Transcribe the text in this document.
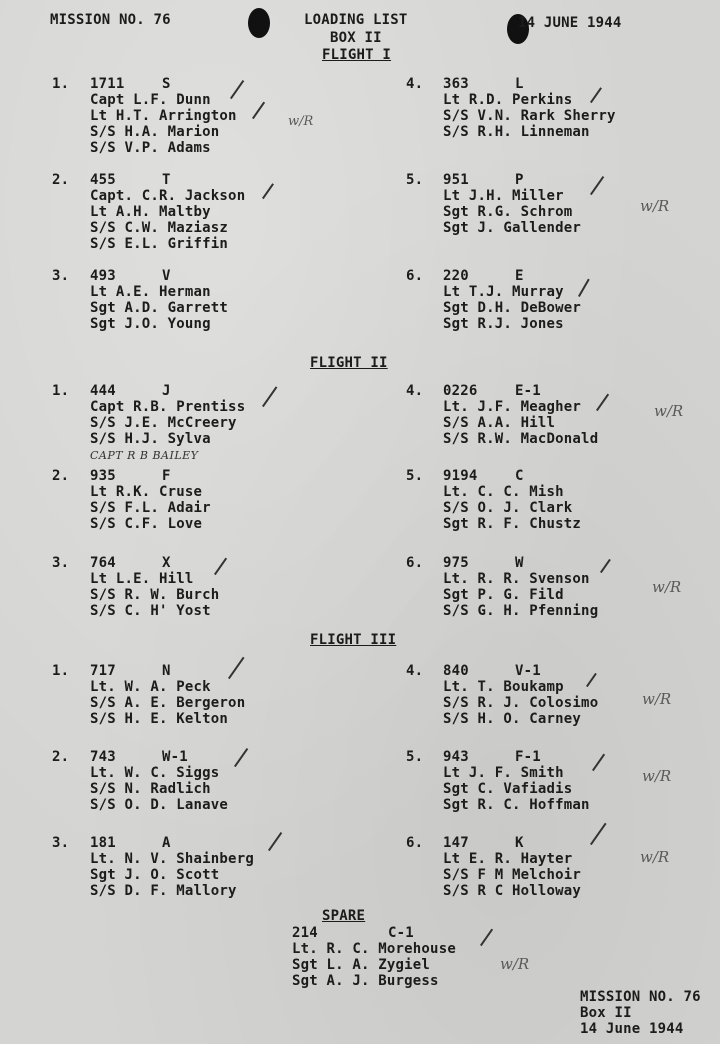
MISSION NO. 76	LOADING LIST
BOX II
14 JUNE 1944
FLIGHT I
FLIGHT II
FLIGHT III
1. 1711	S
Capt L.F. Dunn
Lt H.T. Arrington
S/S H.A. Marion
S/S V.P. Adams
4. 363	L
Lt R.D. Perkins
S/S V.N. Rark Sherry
S/S R.H. Linneman
2. 455	T
Capt. C.R. Jackson
Lt A.H. Maltby
S/S C.W. Maziasz
S/S E.L. Griffin
5. 951	P
Lt J.H. Miller
Sgt R.G. Schrom
Sgt J. Gallender
3. 493	V
Lt A.E. Herman
Sgt A.D. Garrett
Sgt J.O. Young
6. 220	E
Lt T.J. Murray
Sgt D.H. DeBower
Sgt R.J. Jones
1. 444	J
Capt R.B. Prentiss
S/S J.E. McCreery
S/S H.J. Sylva
4. 0226	E-1
Lt. J.F. Meagher
S/S A.A. Hill
S/S R.W. MacDonald
2. 935	F
Lt R.K. Cruse
S/S F.L. Adair
S/S C.F. Love
5. 9194	C
Lt. C. C. Mish
S/S O. J. Clark
Sgt R. F. Chustz
3. 764	X
Lt L.E. Hill
S/S R. W. Burch
S/S C. H' Yost
6. 975	W
Lt. R. R. Svenson
Sgt P. G. Fild
S/S G. H. Pfenning
1. 717	N
Lt. W. A. Peck
S/S A. E. Bergeron
S/S H. E. Kelton
4. 840	V-1
Lt. T. Boukamp
S/S R. J. Colosimo
S/S H. O. Carney
2. 743	W-1
Lt. W. C. Siggs
S/S N. Radlich
S/S O. D. Lanave
5. 943	F-1
Lt J. F. Smith
Sgt C. Vafiadis
Sgt R. C. Hoffman
3. 181	A
Lt. N. V. Shainberg
Sgt J. O. Scott
S/S D. F. Mallory
6. 147	K
Lt E. R. Hayter
S/S F M Melchoir
S/S R C Holloway
SPARE
214	C-1
Lt. R. C. Morehouse
Sgt L. A. Zygiel
Sgt A. J. Burgess
MISSION NO. 76
Box II
14 June 1944
w/R
w/R
w/R
w/R
w/R
w/R
w/R
w/R
CAPT R B BAILEY
